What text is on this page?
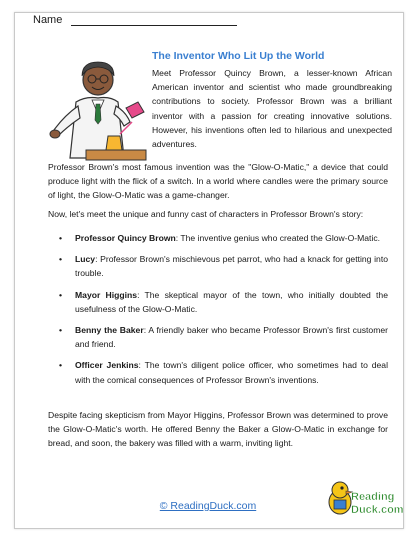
Name
The Inventor Who Lit Up the World

Meet Professor Quincy Brown, a lesser-known African American inventor and scientist who made groundbreaking contributions to society. Professor Brown was a brilliant inventor with a passion for creating innovative solutions. However, his inventions often led to hilarious and unexpected adventures.

Professor Brown's most famous invention was the "Glow-O-Matic," a device that could produce light with the flick of a switch. In a world where candles were the primary source of light, the Glow-O-Matic was a game-changer.

Now, let's meet the unique and funny cast of characters in Professor Brown's story:

• Professor Quincy Brown: The inventive genius who created the Glow-O-Matic.
• Lucy: Professor Brown's mischievous pet parrot, who had a knack for getting into trouble.
• Mayor Higgins: The skeptical mayor of the town, who initially doubted the usefulness of the Glow-O-Matic.
• Benny the Baker: A friendly baker who became Professor Brown's first customer and friend.
• Officer Jenkins: The town's diligent police officer, who sometimes had to deal with the comical consequences of Professor Brown's inventions.

Despite facing skepticism from Mayor Higgins, Professor Brown was determined to prove the Glow-O-Matic's worth. He offered Benny the Baker a Glow-O-Matic in exchange for bread, and soon, the bakery was filled with a warm, inviting light.

© ReadingDuck.com
Reading
Duck.com
